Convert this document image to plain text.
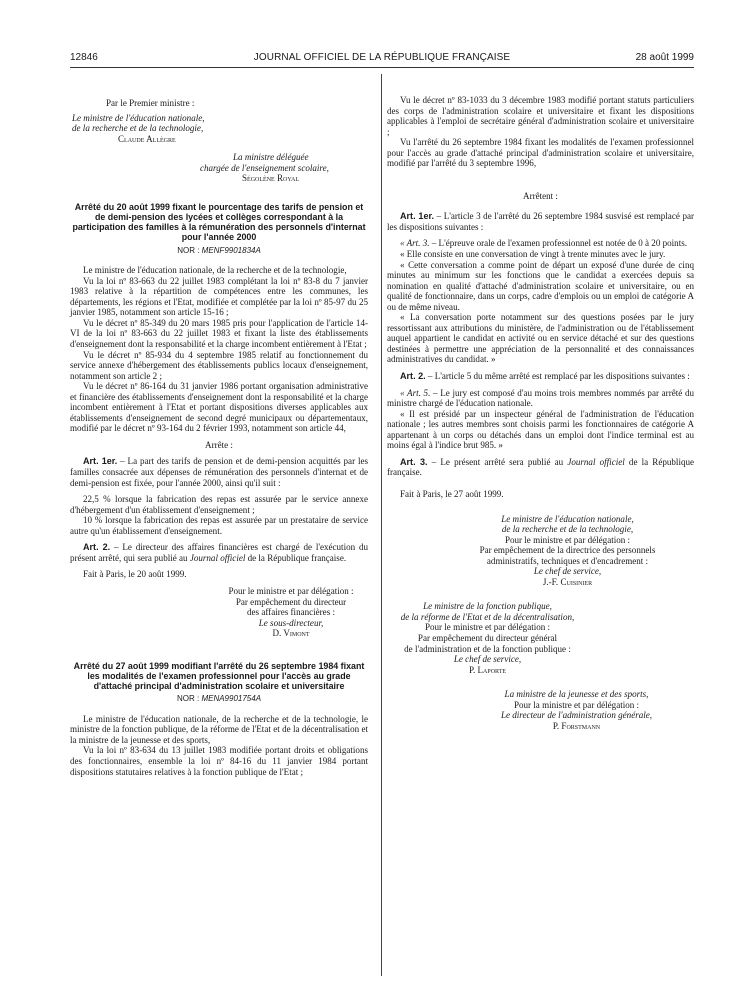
12846	JOURNAL OFFICIEL DE LA RÉPUBLIQUE FRANÇAISE	28 août 1999

Par le Premier ministre :

Le ministre de l'éducation nationale,

de la recherche et de la technologie,

Claude Allègre

La ministre déléguée

chargée de l'enseignement scolaire,

Ségolène Royal

Arrêté du 20 août 1999 fixant le pourcentage des tarifs de pension et de demi-pension des lycées et collèges correspondant à la participation des familles à la rémunération des personnels d'internat pour l'année 2000
NOR : MENF9901834A

Le ministre de l'éducation nationale, de la recherche et de la technologie,

Vu la loi nº 83-663 du 22 juillet 1983 complétant la loi nº 83-8 du 7 janvier 1983 relative à la répartition de compétences entre les communes, les départements, les régions et l'Etat, modifiée et complétée par la loi nº 85-97 du 25 janvier 1985, notamment son article 15-16 ;

Vu le décret nº 85-349 du 20 mars 1985 pris pour l'application de l'article 14-VI de la loi nº 83-663 du 22 juillet 1983 et fixant la liste des établissements d'enseignement dont la responsabilité et la charge incombent entièrement à l'Etat ;

Vu le décret nº 85-934 du 4 septembre 1985 relatif au fonctionnement du service annexe d'hébergement des établissements publics locaux d'enseignement, notamment son article 2 ;

Vu le décret nº 86-164 du 31 janvier 1986 portant organisation administrative et financière des établissements d'enseignement dont la responsabilité et la charge incombent entièrement à l'Etat et portant dispositions diverses applicables aux établissements d'enseignement de second degré municipaux ou départementaux, modifié par le décret nº 93-164 du 2 février 1993, notamment son article 44,

Arrête :

Art. 1er. – La part des tarifs de pension et de demi-pension acquittés par les familles consacrée aux dépenses de rémunération des personnels d'internat et de demi-pension est fixée, pour l'année 2000, ainsi qu'il suit :

22,5 % lorsque la fabrication des repas est assurée par le service annexe d'hébergement d'un établissement d'enseignement ;

10 % lorsque la fabrication des repas est assurée par un prestataire de service autre qu'un établissement d'enseignement.

Art. 2. – Le directeur des affaires financières est chargé de l'exécution du présent arrêté, qui sera publié au Journal officiel de la République française.

Fait à Paris, le 20 août 1999.

Pour le ministre et par délégation :

Par empêchement du directeur

des affaires financières :

Le sous-directeur,

D. Vimont

Arrêté du 27 août 1999 modifiant l'arrêté du 26 septembre 1984 fixant les modalités de l'examen professionnel pour l'accès au grade d'attaché principal d'administration scolaire et universitaire
NOR : MENA9901754A

Le ministre de l'éducation nationale, de la recherche et de la technologie, le ministre de la fonction publique, de la réforme de l'Etat et de la décentralisation et la ministre de la jeunesse et des sports,

Vu la loi nº 83-634 du 13 juillet 1983 modifiée portant droits et obligations des fonctionnaires, ensemble la loi nº 84-16 du 11 janvier 1984 portant dispositions statutaires relatives à la fonction publique de l'Etat ;

Vu le décret nº 83-1033 du 3 décembre 1983 modifié portant statuts particuliers des corps de l'administration scolaire et universitaire et fixant les dispositions applicables à l'emploi de secrétaire général d'administration scolaire et universitaire ;

Vu l'arrêté du 26 septembre 1984 fixant les modalités de l'examen professionnel pour l'accès au grade d'attaché principal d'administration scolaire et universitaire, modifié par l'arrêté du 3 septembre 1996,

Arrêtent :

Art. 1er. – L'article 3 de l'arrêté du 26 septembre 1984 susvisé est remplacé par les dispositions suivantes :

« Art. 3. – L'épreuve orale de l'examen professionnel est notée de 0 à 20 points.

« Elle consiste en une conversation de vingt à trente minutes avec le jury.

« Cette conversation a comme point de départ un exposé d'une durée de cinq minutes au minimum sur les fonctions que le candidat a exercées depuis sa nomination en qualité d'attaché d'administration scolaire et universitaire, ou en qualité de fonctionnaire, dans un corps, cadre d'emplois ou un emploi de catégorie A ou de même niveau.

« La conversation porte notamment sur des questions posées par le jury ressortissant aux attributions du ministère, de l'administration ou de l'établissement auquel appartient le candidat en activité ou en service détaché et sur des questions destinées à permettre une appréciation de la personnalité et des connaissances administratives du candidat. »

Art. 2. – L'article 5 du même arrêté est remplacé par les dispositions suivantes :

« Art. 5. – Le jury est composé d'au moins trois membres nommés par arrêté du ministre chargé de l'éducation nationale.

« Il est présidé par un inspecteur général de l'administration de l'éducation nationale ; les autres membres sont choisis parmi les fonctionnaires de catégorie A appartenant à un corps ou détachés dans un emploi dont l'indice terminal est au moins égal à l'indice brut 985. »

Art. 3. – Le présent arrêté sera publié au Journal officiel de la République française.

Fait à Paris, le 27 août 1999.

Le ministre de l'éducation nationale,

de la recherche et de la technologie,

Pour le ministre et par délégation :

Par empêchement de la directrice des personnels

administratifs, techniques et d'encadrement :

Le chef de service,

J.-F. Cuisinier

Le ministre de la fonction publique,

de la réforme de l'Etat et de la décentralisation,

Pour le ministre et par délégation :

Par empêchement du directeur général

de l'administration et de la fonction publique :

Le chef de service,

P. Laporte

La ministre de la jeunesse et des sports,

Pour la ministre et par délégation :

Le directeur de l'administration générale,

P. Forstmann
